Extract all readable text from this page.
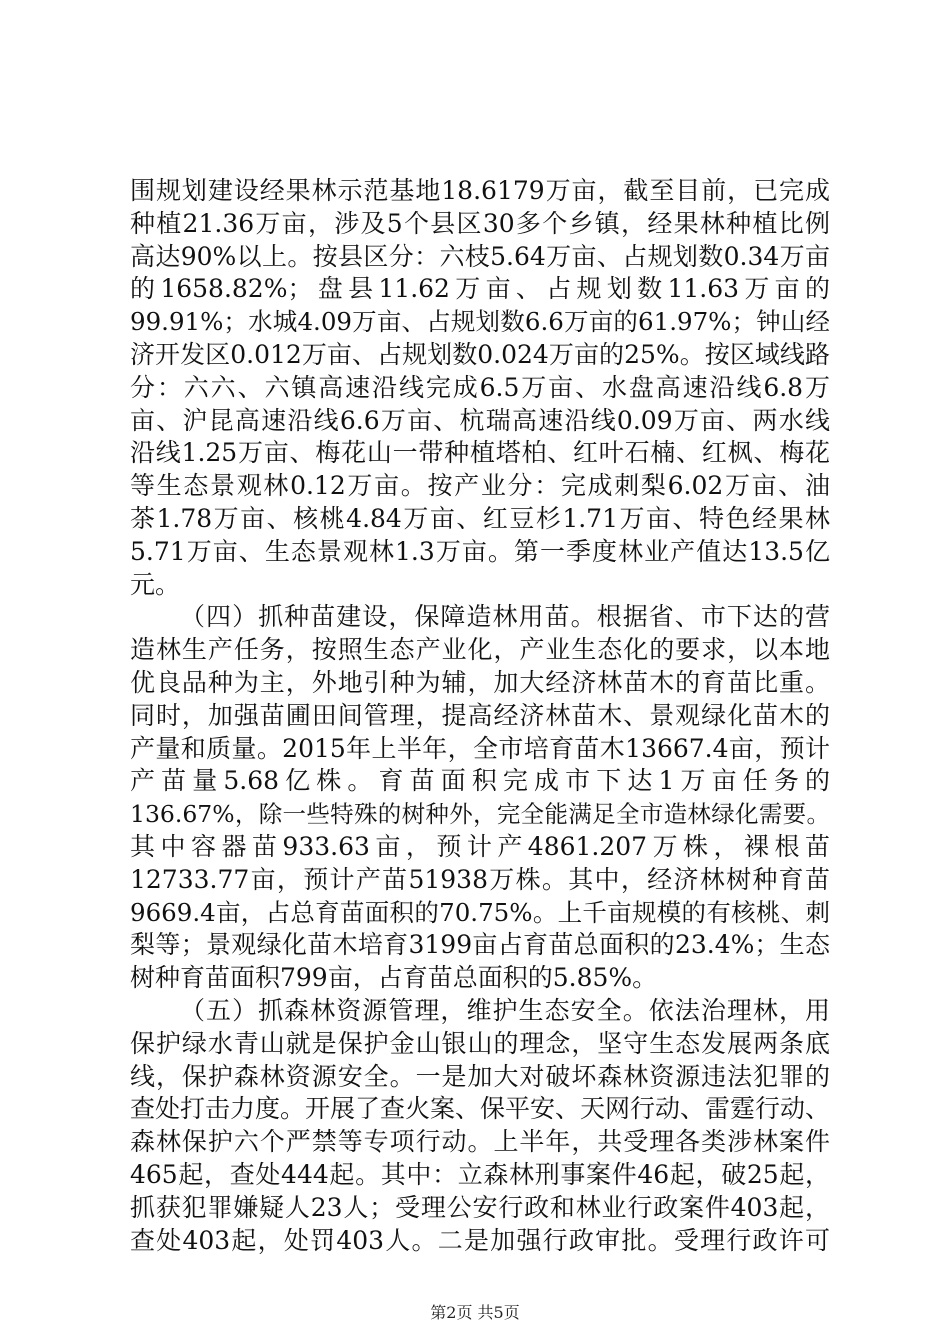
围规划建设经果林示范基地18.6179万亩，截至目前，已完成
种植21.36万亩，涉及5个县区30多个乡镇，经果林种植比例
高达90%以上。按县区分：六枝5.64万亩、占规划数0.34万亩
的1658.82%；盘县11.62万亩、占规划数11.63万亩的
99.91%；水城4.09万亩、占规划数6.6万亩的61.97%；钟山经
济开发区0.012万亩、占规划数0.024万亩的25%。按区域线路
分：六六、六镇高速沿线完成6.5万亩、水盘高速沿线6.8万
亩、沪昆高速沿线6.6万亩、杭瑞高速沿线0.09万亩、两水线
沿线1.25万亩、梅花山一带种植塔柏、红叶石楠、红枫、梅花
等生态景观林0.12万亩。按产业分：完成刺梨6.02万亩、油
茶1.78万亩、核桃4.84万亩、红豆杉1.71万亩、特色经果林
5.71万亩、生态景观林1.3万亩。第一季度林业产值达13.5亿
元。
（四）抓种苗建设，保障造林用苗。根据省、市下达的营
造林生产任务，按照生态产业化，产业生态化的要求，以本地
优良品种为主，外地引种为辅，加大经济林苗木的育苗比重。
同时，加强苗圃田间管理，提高经济林苗木、景观绿化苗木的
产量和质量。2015年上半年，全市培育苗木13667.4亩，预计
产苗量5.68亿株。育苗面积完成市下达1万亩任务的
136.67%，除一些特殊的树种外，完全能满足全市造林绿化需要。
其中容器苗933.63亩，预计产4861.207万株，裸根苗
12733.77亩，预计产苗51938万株。其中，经济林树种育苗
9669.4亩，占总育苗面积的70.75%。上千亩规模的有核桃、刺
梨等；景观绿化苗木培育3199亩占育苗总面积的23.4%；生态
树种育苗面积799亩，占育苗总面积的5.85%。
（五）抓森林资源管理，维护生态安全。依法治理林，用
保护绿水青山就是保护金山银山的理念，坚守生态发展两条底
线，保护森林资源安全。一是加大对破坏森林资源违法犯罪的
查处打击力度。开展了查火案、保平安、天网行动、雷霆行动、
森林保护六个严禁等专项行动。上半年，共受理各类涉林案件
465起，查处444起。其中：立森林刑事案件46起，破25起，
抓获犯罪嫌疑人23人；受理公安行政和林业行政案件403起，
查处403起，处罚403人。二是加强行政审批。受理行政许可
第2页 共5页
